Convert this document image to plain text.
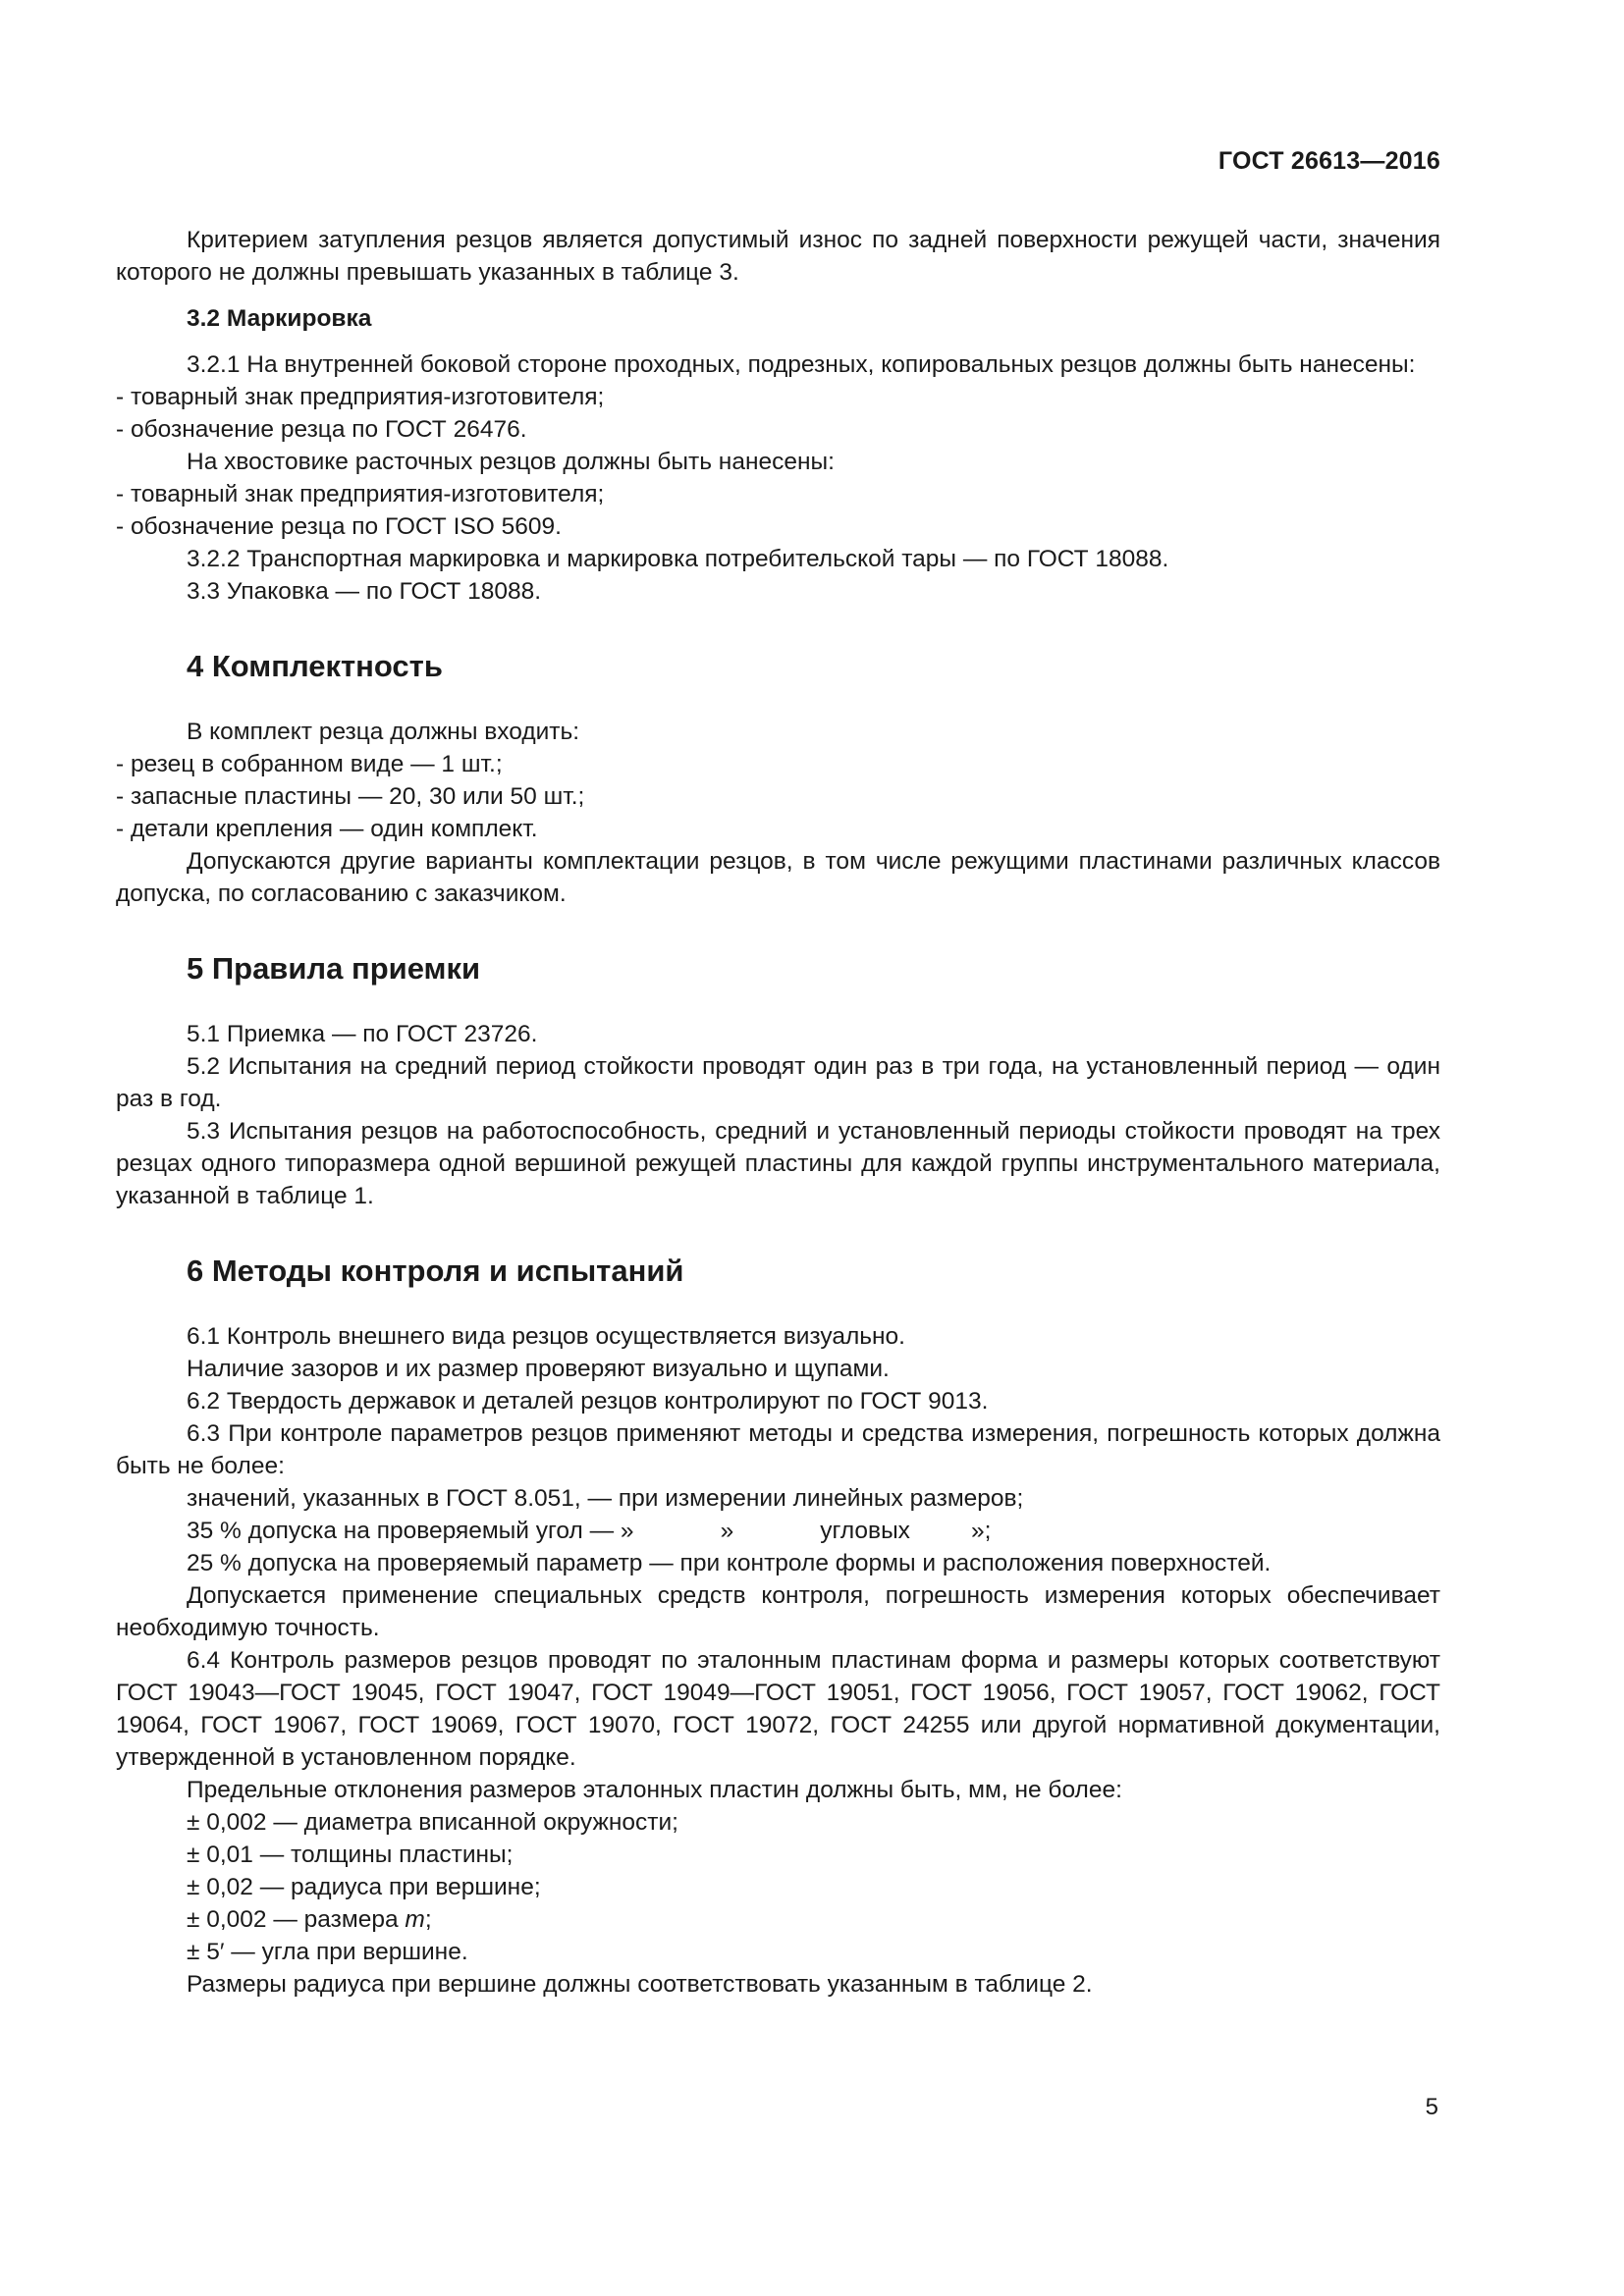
ГОСТ 26613—2016

Критерием затупления резцов является допустимый износ по задней поверхности режущей части, значения которого не должны превышать указанных в таблице 3.

3.2 Маркировка

3.2.1 На внутренней боковой стороне проходных, подрезных, копировальных резцов должны быть нанесены:

- товарный знак предприятия-изготовителя;

- обозначение резца по ГОСТ 26476.

На хвостовике расточных резцов должны быть нанесены:

- товарный знак предприятия-изготовителя;

- обозначение резца по ГОСТ ISO 5609.

3.2.2 Транспортная маркировка и маркировка потребительской тары — по ГОСТ 18088.

3.3 Упаковка — по ГОСТ 18088.

4 Комплектность

В комплект резца должны входить:

- резец в собранном виде — 1 шт.;

- запасные пластины — 20, 30 или 50 шт.;

- детали крепления — один комплект.

Допускаются другие варианты комплектации резцов, в том числе режущими пластинами различных классов допуска, по согласованию с заказчиком.

5 Правила приемки

5.1 Приемка — по ГОСТ 23726.

5.2 Испытания на средний период стойкости проводят один раз в три года, на установленный период — один раз в год.

5.3 Испытания резцов на работоспособность, средний и установленный периоды стойкости проводят на трех резцах одного типоразмера одной вершиной режущей пластины для каждой группы инструментального материала, указанной в таблице 1.

6 Методы контроля и испытаний

6.1 Контроль внешнего вида резцов осуществляется визуально.

Наличие зазоров и их размер проверяют визуально и щупами.

6.2 Твердость державок и деталей резцов контролируют по ГОСТ 9013.

6.3 При контроле параметров резцов применяют методы и средства измерения, погрешность которых должна быть не более:

значений, указанных в ГОСТ 8.051, — при измерении линейных размеров;

35 % допуска на проверяемый угол — »	»	угловых	»;

25 % допуска на проверяемый параметр — при контроле формы и расположения поверхностей.

Допускается применение специальных средств контроля, погрешность измерения которых обеспечивает необходимую точность.

6.4 Контроль размеров резцов проводят по эталонным пластинам форма и размеры которых соответствуют ГОСТ 19043—ГОСТ 19045, ГОСТ 19047, ГОСТ 19049—ГОСТ 19051, ГОСТ 19056, ГОСТ 19057, ГОСТ 19062, ГОСТ 19064, ГОСТ 19067, ГОСТ 19069, ГОСТ 19070, ГОСТ 19072, ГОСТ 24255 или другой нормативной документации, утвержденной в установленном порядке.

Предельные отклонения размеров эталонных пластин должны быть, мм, не более:

± 0,002 — диаметра вписанной окружности;

± 0,01 — толщины пластины;

± 0,02 — радиуса при вершине;

± 0,002 — размера m;

± 5′ — угла при вершине.

Размеры радиуса при вершине должны соответствовать указанным в таблице 2.

5
